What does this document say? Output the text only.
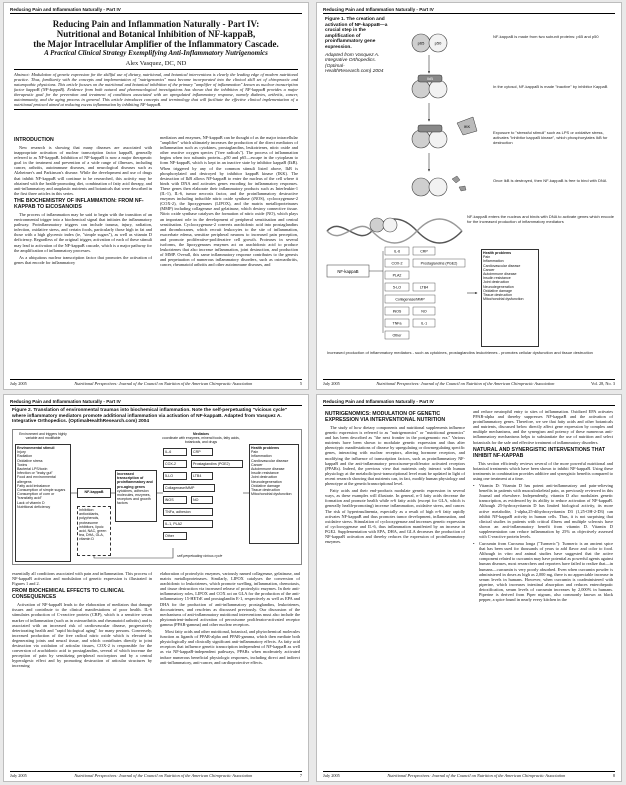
Reducing Pain and Inflammation Naturally - Part IV
Reducing Pain and Inflammation Naturally - Part IV:
Nutritional and Botanical Inhibition of NF-kappaB,
the Major Intracellular Amplifier of the Inflammatory Cascade.
A Practical Clinical Strategy Exemplifying Anti-Inflammatory Nutrigenomics
Alex Vasquez, DC, ND
Abstract: Modulation of genetic expression for the skillful use of dietary, nutritional, and botanical interventions is clearly the leading edge of modern nutritional practice. Thus, familiarity with the concepts and implementation of "nutrigenomics" must become incorporated into the clinical skill set of chiropractic and naturopathic physicians. This article focuses on the nutritional and botanical inhibition of the primary "amplifier of inflammation" known as nuclear transcription factor kappaB (NF-kappaB). Evidence from both natural and pharmacological investigations has shown that the inhibition of NF-kappaB provides a major therapeutic goal for the prevention and treatment of conditions associated with an upregulated inflammatory response, namely diabetes, arthritis, cancer, autoimmunity, and the aging process in general. This article introduces concepts and terminology that will facilitate the effective clinical implementation of a nutritional protocol aimed at reducing excess inflammation by inhibiting NF-kappaB.
INTRODUCTION

New research is showing that many diseases are associated with inappropriate activation of nuclear transcription factor kappaB, generally referred to as NF-kappaB. Inhibition of NF-kappaB is now a major therapeutic goal in the treatment and prevention of a wide range of illnesses, including cancer, arthritis, autoimmune diseases, and neurological diseases such as Alzheimer's and Parkinson's disease. While the development and use of drugs that inhibit NF-kappaB will continue to be researched, this activity may be obtained with the health-promoting diet, combination of fatty acid therapy, and anti-inflammatory and anaplastic nutrients and botanicals that were described in the first three articles in this series.

THE BIOCHEMISTRY OF INFLAMMATION: FROM NF-KAPPAB TO EICOSANOIDS

The process of inflammation may be said to begin with the transition of an environmental trigger into a biochemical signal that initiates the inflammatory pathway. Proinflammatory triggers can include trauma, injury, radiation, infection, oxidative stress, and certain foods, particularly those high in fat and those with a high glycemic index (ie, "simple sugars"), as well as vitamin D deficiency. Regardless of the original trigger, activation of each of these stimuli may lead to activation of the NF-kappaB cascade, which is a major pathway for the amplification of inflammatory processes.

As a ubiquitous nuclear transcription factor that promotes the activation of genes that encode for inflammatory

mediators and enzymes, NF-kappaB can be thought of as the major intracellular "amplifier" which ultimately increases the production of the direct mediators of inflammation such as cytokines, prostaglandins, leukotrienes, nitric oxide and other reactive oxygen species ("free radicals"). The process of inflammation begins when two subunits protein—p50 and p65—escape in the cytoplasm to form NF-kappaB, which is kept in an inactive state by inhibitor kappaB (IkB). When triggered by any of the common stimuli listed above, IkB is phosphorylated and destroyed by inhibitor kappaB kinase (IKK). The destruction of IkB allows NF-kappaB to enter the nucleus of the cell where it binds with DNA and activates genes encoding for inflammatory responses. These genes then elaborate their inflammatory products such as Interleukin-1 (IL-1), IL-6, tumor necrosis factor, and the proinflammatory destructive enzymes including inducible nitric oxide synthase (iNOS), cyclooxygenase-2 (COX-2), the lipoxygenases (LIPOX), and the matrix metalloproteinases (MMP) including collagenase and gelatinase, which destroy connective tissue. Nitric oxide synthase catalyses the formation of nitric oxide (NO), which plays an important role in the development of peripheral sensitisation and central sensitisation. Cyclooxygenase-2 converts arachidonic acid into prostaglandins and thromboxanes, which recruit leukocytes to the site of inflammation, exacerbate edema, sensitize peripheral neurons to increased pain perception, and promote proliferative-proliferative cell growth. Proteases in several isoforms, the lipoxygenases enzymes act on arachidonic acid to produce leukotrienes that also increase inflammation, joint destruction, and production of MMP. Overall, this same inflammatory response contributes to the genesis and perpetuation of numerous inflammatory disorders, such as osteoarthritis, cancer, rheumatoid arthritis and other autoimmune diseases, and

July 2005	Nutritional Perspectives: Journal of the Council on Nutrition of the American Chiropractic Association	5
Reducing Pain and Inflammation Naturally - Part IV
Figure 1. The creation and activation of NF-kappaB—a crucial step in the amplification of proinflammatory gene expression.
Adapted from Vasquez A. Integrative Orthopedics. (Optimal-HealthResearch.com) 2004
p65	p50
IkB
IKK
NF-kappaB
IL-6	CRP
COX-2	Prostaglandins (PGE2)
PLA2
5-LO	LTB4
Collagenase/MMP
iNOS	NO
TNFa	IL-1
Other
NF-kappaB is made from two subunit proteins: p65 and p50
In the cytosol, NF-kappaB is made "inactive" by inhibitor KappaB
Exposure to "stressful stimuli" such as LPS or oxidative stress, activates "inhibitor kappaB kinase", which phosphorylates IkB for destruction
Once IkB is destroyed, then NF-kappaB is free to bind with DNA
NF-kappaB enters the nucleus and binds with DNA to activate genes which encode for the increased production of inflammatory mediators
Health problems
Pain
Inflammation
Cardiovascular disease
Cancer
Autoimmune disease
Insulin resistance
Joint destruction
Neurodegeneration
Oxidative damage
Tissue destruction
Mitochondrial dysfunction
Increased production of inflammatory mediators - such as cytokines, prostaglandins leukotrienes - promotes cellular dysfunction and tissue destruction
July 2005	Nutritional Perspectives: Journal of the Council on Nutrition of the American Chiropractic Association	Vol. 28, No. 3
Reducing Pain and Inflammation Naturally - Part IV
Figure 2. Translation of environmental traumas into biochemical inflammation. Note the self-perpetuating "vicious cycle" where inflammatory mediators promote additional inflammation via activation of NF-kappaB. Adapted from Vasquez A. Integrative Orthopedics. (OptimalHealthResearch.com) 2004
Environment and triggers highly variable and modifiable
Environmental stimuli
Injury
Radiation
Oxidative stress
Toxins
Bacterial LPS/toxin
Infection or "leaky gut"
Food and environmental allergens
Fatty acid imbalance
Consumption of simple sugars
Consumption of corn or "transfatty acid"
Lack of vitamin D
Nutritional deficiency
NF-kappaB
Increased transcription of proinflammatory and pro-aging genes
cytokines, adhesion molecules, enzymes, receptors and growth factors
Inhibition: antioxidants, polyphenols, proteasome inhibitors, lipoic acid, NAC, green tea, DHA, GLA, vitamin D
Mediators
coordinate with enzymes, mineral foods, fatty acids, botanicals, and drugs
IL-6	CRP
COX-2	Prostaglandins (PGE2)
5-LO	LTB4
Collagenase/MMP
iNOS	NO
TNFa, adhesion
IL-1, PLA2
Other
Health problems
Pain
Inflammation
Cardiovascular disease
Cancer
Autoimmune disease
Insulin resistance
Joint destruction
Neurodegeneration
Oxidative damage
Tissue destruction
Mitochondrial dysfunction
self-perpetuating vicious cycle

essentially all conditions associated with pain and inflammation. This process of NF-kappaB activation and modulation of genetic expression is illustrated in Figures 1 and 2.

FROM BIOCHEMICAL EFFECTS TO CLINICAL CONSEQUENCES

Activation of NF-kappaB leads to the elaboration of mediators that damage tissues and contribute to the clinical manifestations of poor health. IL-6 stimulates production of C-reactive protein (CRP), which is a sensitive serum marker of inflammation (such as in osteoarthritis and rheumatoid arthritis) and is associated with an increased risk of cardiovascular disease, progressively deteriorating health and "rapid biological aging" for many persons. Conversely, increased production of the free radical nitric oxide which is elevated in degenerating joints and neural tissue, and which contributes directly to joint destruction via oxidation of articular tissues, COX-2 is responsible for the conversion of arachidonic acid to prostaglandins, several of which increase the perception of pain by sensitizing peripheral nociceptors and by a central hyperalgesic effect and by promoting destruction of articular structures by increasing

elaboration of proteolytic enzymes, variously named collagenase, gelatinase, and matrix metalloproteinases. Similarly, LIPOX catalyses the conversion of arachidonic to leukotrienes, which promote swelling, inflammation, chemotaxis, and tissue destruction via increased release of proteolytic enzymes. In their anti-inflammatory roles, LIPOX and COX act on GLA for the production of the anti-inflammatory 15-HETrE and prostaglandin E-1, respectively as well as EPA and DHA for the production of anti-inflammatory prostaglandins, leukotrienes, docosatrienes, and resolvins as discussed previously. Our discussion of the mechanisms of anti-inflammatory nutritional interventions must also include the phytonutrient-induced activation of peroxisome proliferator-activated receptor gamma (PPAR-gamma) and other nuclear receptors.

Most fatty acids and other nutritional, botanical, and phytochemical molecules function as ligands of PPAR-alpha and PPAR-gamma, which then mediate both physiologically and clinically significant anti-inflammatory effects. As fatty acid receptors that influence genetic transcription independent of NF-kappaB as well as via NF-kappaB-independent pathways, PPARs when moderately activated induce numerous beneficial physiologic responses, including direct and indirect anti-inflammatory, anti-cancer, and cardioprotective effects.

July 2005	Nutritional Perspectives: Journal of the Council on Nutrition of the American Chiropractic Association	7
Reducing Pain and Inflammation Naturally - Part IV
NUTRIGENOMICS: MODULATION OF GENETIC EXPRESSION VIA INTERVENTIONAL NUTRITION

The study of how dietary components and nutritional supplements influence genetic expression is referred to as "nutrigenomics" or "nutritional genomics" and has been described as "the next frontier in the postgenomic era." Various nutrients have been shown to modulate genetic expression and thus alter phenotypic manifestations of disease by upregulating or downregulating specific genes, interacting with nuclear receptors, altering hormone receptors, and modifying the influence of transcription factors, such as proinflammatory NF-kappaB and the anti-inflammatory peroxisome-proliferator activated receptors (PPARs). Indeed, the previous view that nutrients only interact with human physiology at the metabolic/post-transcriptional level must be updated in light of recent research showing that nutrients can, in fact, modify human physiology and phenotype at the genetic/transcriptional level.

Fatty acids and their end-products modulate genetic expression in several ways, as these examples will illustrate. In general, n-3 fatty acids decrease the formation and promote health while n-6 fatty acids (except for GLA, which is generally health-promoting) increase inflammation, oxidative stress, and cancer. The risk of hyperinsulinemia, especially as a result of high n-6 fatty rapidly activates NF-kappaB and thus promotes tumor development, inflammation, and oxidative stress. Stimulation of cyclooxygenase and increases genetic expression of cyclooxygenase and IL-6, thus inflammation manifested by an increase in PGE2. Supplementation with EPA, DHA, and GLA decreases the production of NF-kappaB activation and thereby reduces the expression of proinflammatory enzymes.

and reduce neutrophil entry to sites of inflammation. Oxidized EPA activates PPAR-alpha and thereby suppresses NF-kappaB and the activation of proinflammatory genes. Therefore, we see that fatty acids and other botanicals and nutrients, discussed below directly affect gene expression by complex and multiple mechanisms, and the synergism and potency of these numerous anti-inflammatory mechanisms helps to substantiate the use of nutrition and select botanicals for the safe and effective treatment of inflammatory disorders.

NATURAL AND SYNERGISTIC INTERVENTIONS THAT INHIBIT NF-KAPPAB

This section efficiently reviews several of the more powerful nutritional and botanical treatments which have been shown to inhibit NF-kappaB. Using these treatments in combination provides additive and synergistic benefits compared to using one treatment at a time.

• Vitamin D: Vitamin D has potent anti-inflammatory and pain-relieving benefits in patients with musculoskeletal pain, as previously reviewed in this Journal and elsewhere. Independently, vitamin D also modulates genetic transcription, as evidenced by its ability to reduce activation of NF-kappaB. Although 25-hydroxyvitamin D has limited biological activity, its more active metabolite, 1-alpha,25-dihydroxyvitamin D3 (1,25-OH-2-D3) can inhibit NF-kappaB activity in human cells. Thus, it is not surprising that clinical studies in patients with critical illness and multiple sclerosis have shown an anti-inflammatory benefit from vitamin D. Vitamin D supplementation can reduce inflammation by 25% as objectively assessed with C-reactive protein levels.
• Curcumin from Curcuma longa ("Turmeric"): Turmeric is an ancient spice that has been used for thousands of years to add flavor and color to food. Although in vitro and animal studies have suggested that the active component related to curcumin may have potential as powerful agents against human diseases, most researchers and reporters have failed to realize that—in humans—curcumin is very poorly absorbed. Even when curcumin powder is administered in doses as high as 2,000 mg, there is no appreciable increase in serum levels in humans. However, when curcumin is coadministered with piperine, which increases intestinal absorption and reduces enterohepatic detoxification, serum levels of curcumin increases by 2,000% in humans. Piperine is derived from Piper nigrum, also commonly known as black pepper, a spice found in nearly every kitchen in the
July 2005	Nutritional Perspectives: Journal of the Council on Nutrition of the American Chiropractic Association	8
